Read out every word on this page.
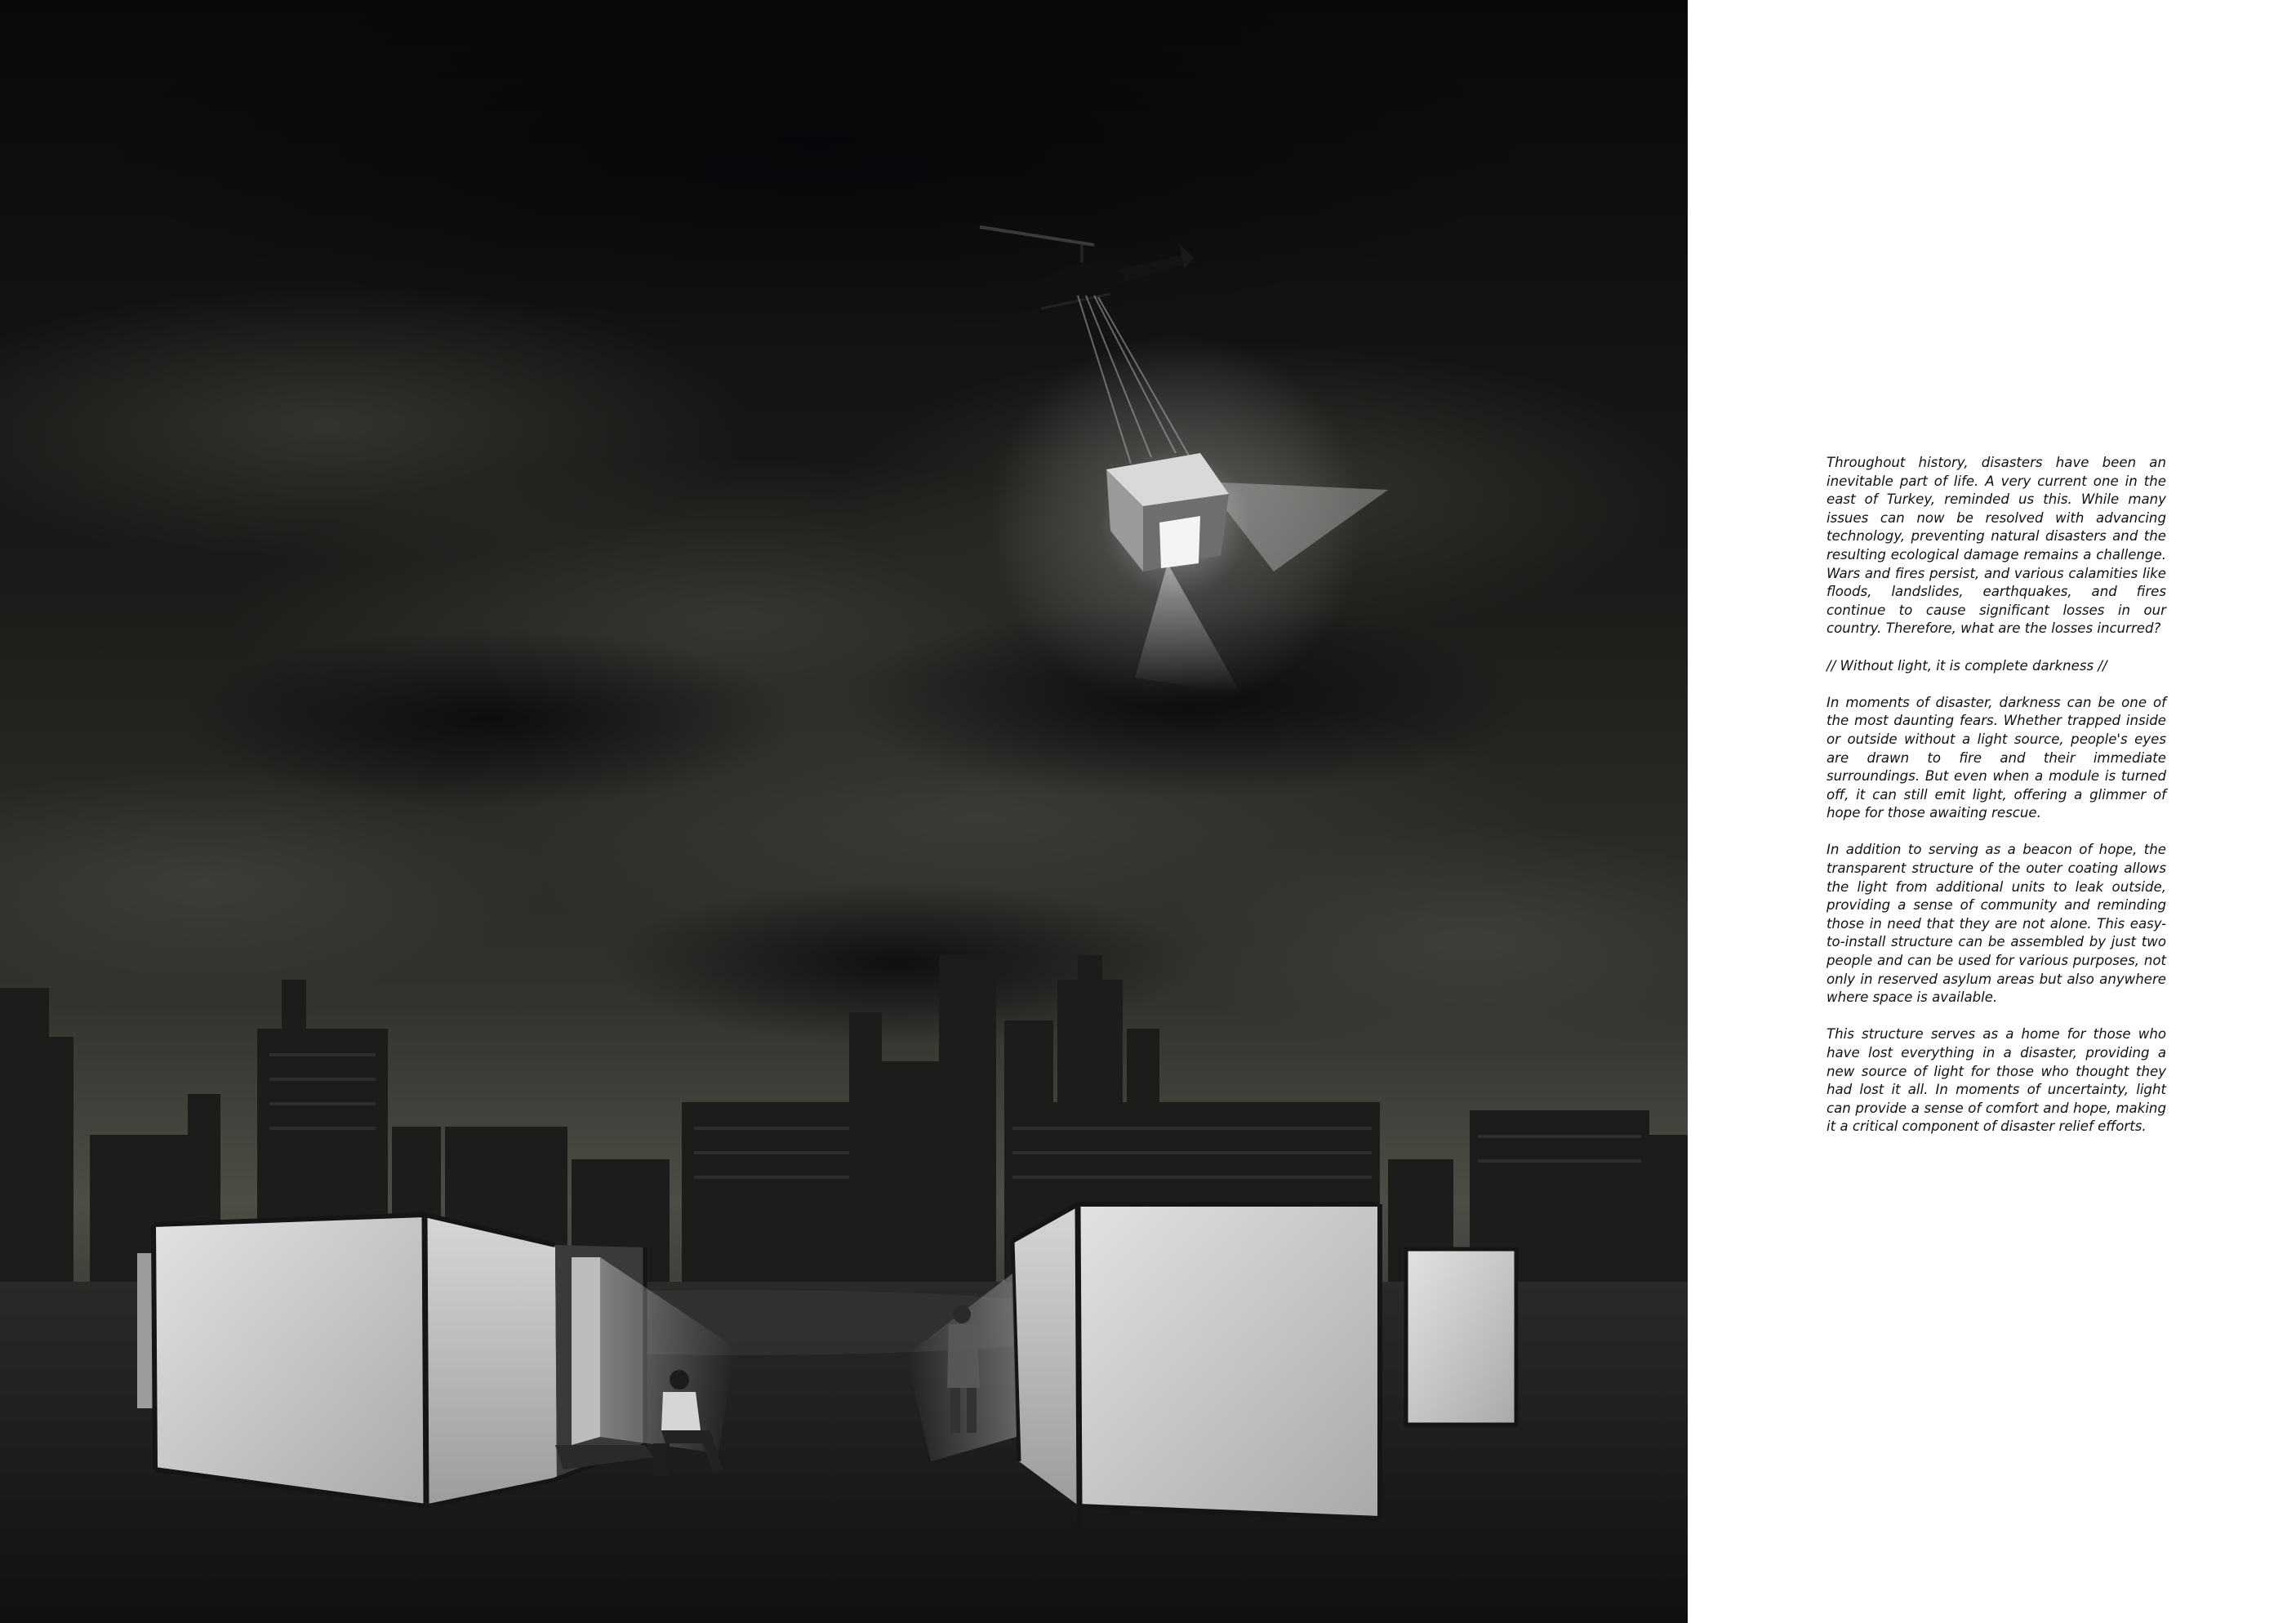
Throughout history, disasters have been an inevitable part of life. A very current one in the east of Turkey, reminded us this. While many issues can now be resolved with advancing technology, preventing natural disasters and the resulting ecological damage remains a challenge. Wars and fires persist, and various calamities like floods, landslides, earthquakes, and fires continue to cause significant losses in our country. Therefore, what are the losses incurred?

// Without light, it is complete darkness //

In moments of disaster, darkness can be one of the most daunting fears. Whether trapped inside or outside without a light source, people's eyes are drawn to fire and their immediate surroundings. But even when a module is turned off, it can still emit light, offering a glimmer of hope for those awaiting rescue.

In addition to serving as a beacon of hope, the transparent structure of the outer coating allows the light from additional units to leak outside, providing a sense of community and reminding those in need that they are not alone. This easy-to-install structure can be assembled by just two people and can be used for various purposes, not only in reserved asylum areas but also anywhere where space is available.

This structure serves as a home for those who have lost everything in a disaster, providing a new source of light for those who thought they had lost it all. In moments of uncertainty, light can provide a sense of comfort and hope, making it a critical component of disaster relief efforts.
